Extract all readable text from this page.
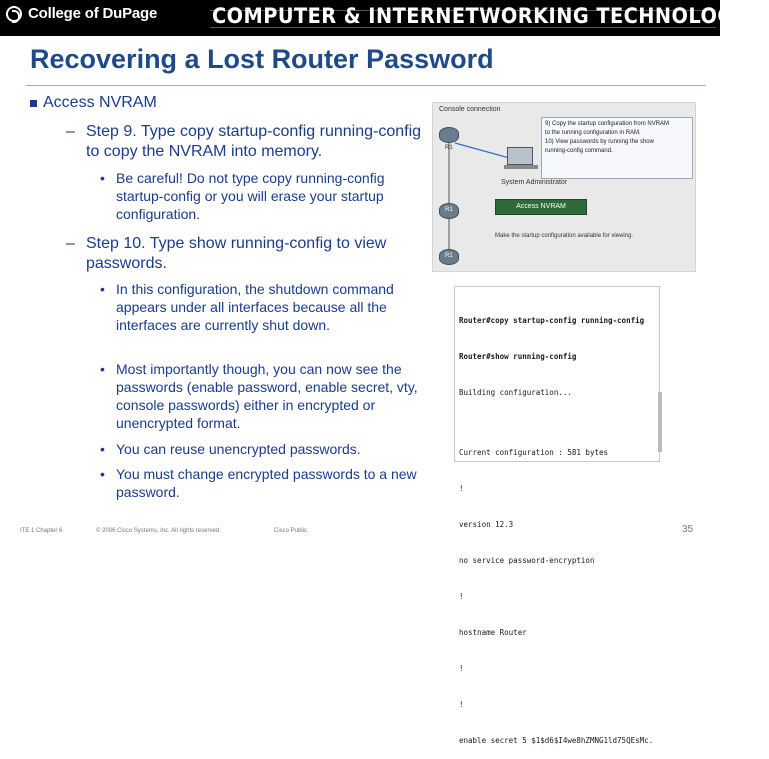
College of DuPage	COMPUTER & INTERNETWORKING TECHNOLOGIES
Recovering a Lost Router Password
Access NVRAM
– Step 9. Type copy startup-config running-config to copy the NVRAM into memory.
• Be careful! Do not type copy running-config startup-config or you will erase your startup configuration.
– Step 10. Type show running-config to view passwords.
• In this configuration, the shutdown command appears under all interfaces because all the interfaces are currently shut down.
• Most importantly though, you can now see the passwords (enable password, enable secret, vty, console passwords) either in encrypted or unencrypted format.
• You can reuse unencrypted passwords.
• You must change encrypted passwords to a new password.
Console connection
R1
System Administrator
9) Copy the startup configuration from NVRAM
to the running configuration in RAM.
10) View passwords by running the show
running-config command.
R1	Access NVRAM
Make the startup configuration available for viewing.
R1

Router#copy startup-config running-config

Router#show running-config

Building configuration...

Current configuration : 581 bytes

!

version 12.3

no service password-encryption

!

hostname Router

!

!

enable secret 5 $1$d6$I4we8hZMNG1ld75QEsMc.

ITE 1 Chapter 6	© 2006 Cisco Systems, Inc. All rights reserved.	Cisco Public	35
